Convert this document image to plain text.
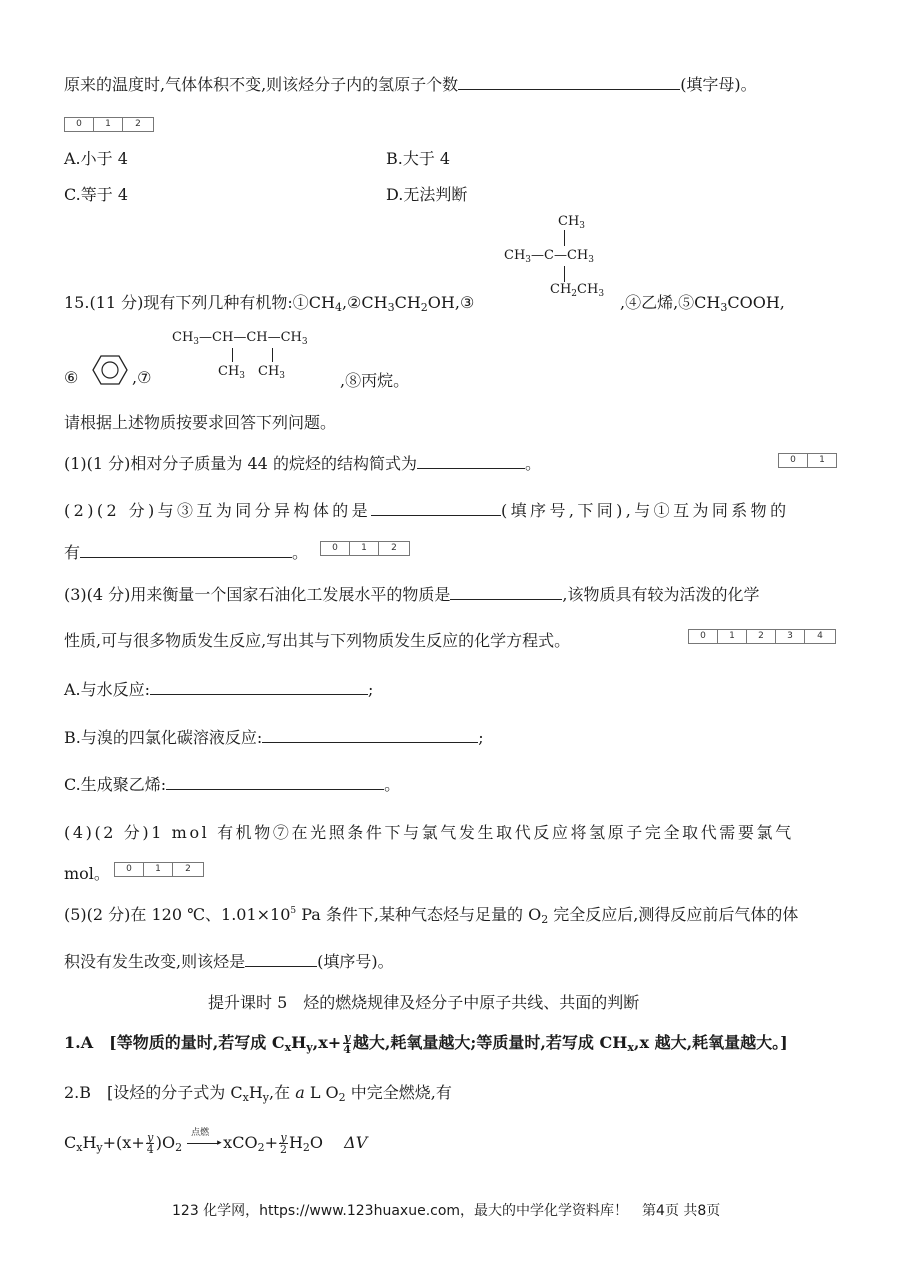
原来的温度时,气体体积不变,则该烃分子内的氢原子个数	(填字母)。
0	1	2
A.小于 4	B.大于 4
C.等于 4	D.无法判断
$CH_3$
$CH_3—C—CH_3$
$CH_2CH_3$
15.(11 分)现有下列几种有机物$:①CH_4,②CH_3CH_2OH,③$	,④乙烯$,⑤CH_3COOH$,
$CH_3—CH—CH—CH_3$
$CH_3$ $CH_3$
⑥	,⑦	,⑧丙烷。
请根据上述物质按要求回答下列问题。
(1)(1 分)相对分子质量为 44 的烷烃的结构简式为	。	0	1
(2)(2 分)与③互为同分异构体的是	(填序号,下同),与①互为同系物的
有	。	0	1	2
(3)(4 分)用来衡量一个国家石油化工发展水平的物质是	,该物质具有较为活泼的化学
性质,可与很多物质发生反应,写出其与下列物质发生反应的化学方程式。	0	1	2	3	4
A.与水反应:	;
B.与溴的四氯化碳溶液反应:	;
C.生成聚乙烯:	。
(4)(2 分)1 mol 有机物⑦在光照条件下与氯气发生取代反应将氢原子完全取代需要氯气
mol。	0	1	2
(5)(2 分)在 120 ℃、$1.01\times 10^5$ Pa 条件下,某种气态烃与足量的 $O_2$ 完全反应后,测得反应前后气体的体
积没有发生改变,则该烃是	(填序号)。
提升课时 5　烃的燃烧规律及烃分子中原子共线、共面的判断
1.A　[等物质的量时,若写成 $C_xH_y,x+ \frac{y}{4}$ 越大,耗氧量越大;等质量时,若写成 $CH_x,x$ 越大,耗氧量越大。]
2.B　[设烃的分子式为 $C_xH_y$,在 a L $O_2$ 中完全燃烧,有
$C_xH_y+(x+ \frac{y}{4} )O_2$
点燃
▸ $xCO_2+ \frac{y}{2} H_2O$ ΔV
123 化学网，https://www.123huaxue.com，最大的中学化学资料库！　第4页 共8页
